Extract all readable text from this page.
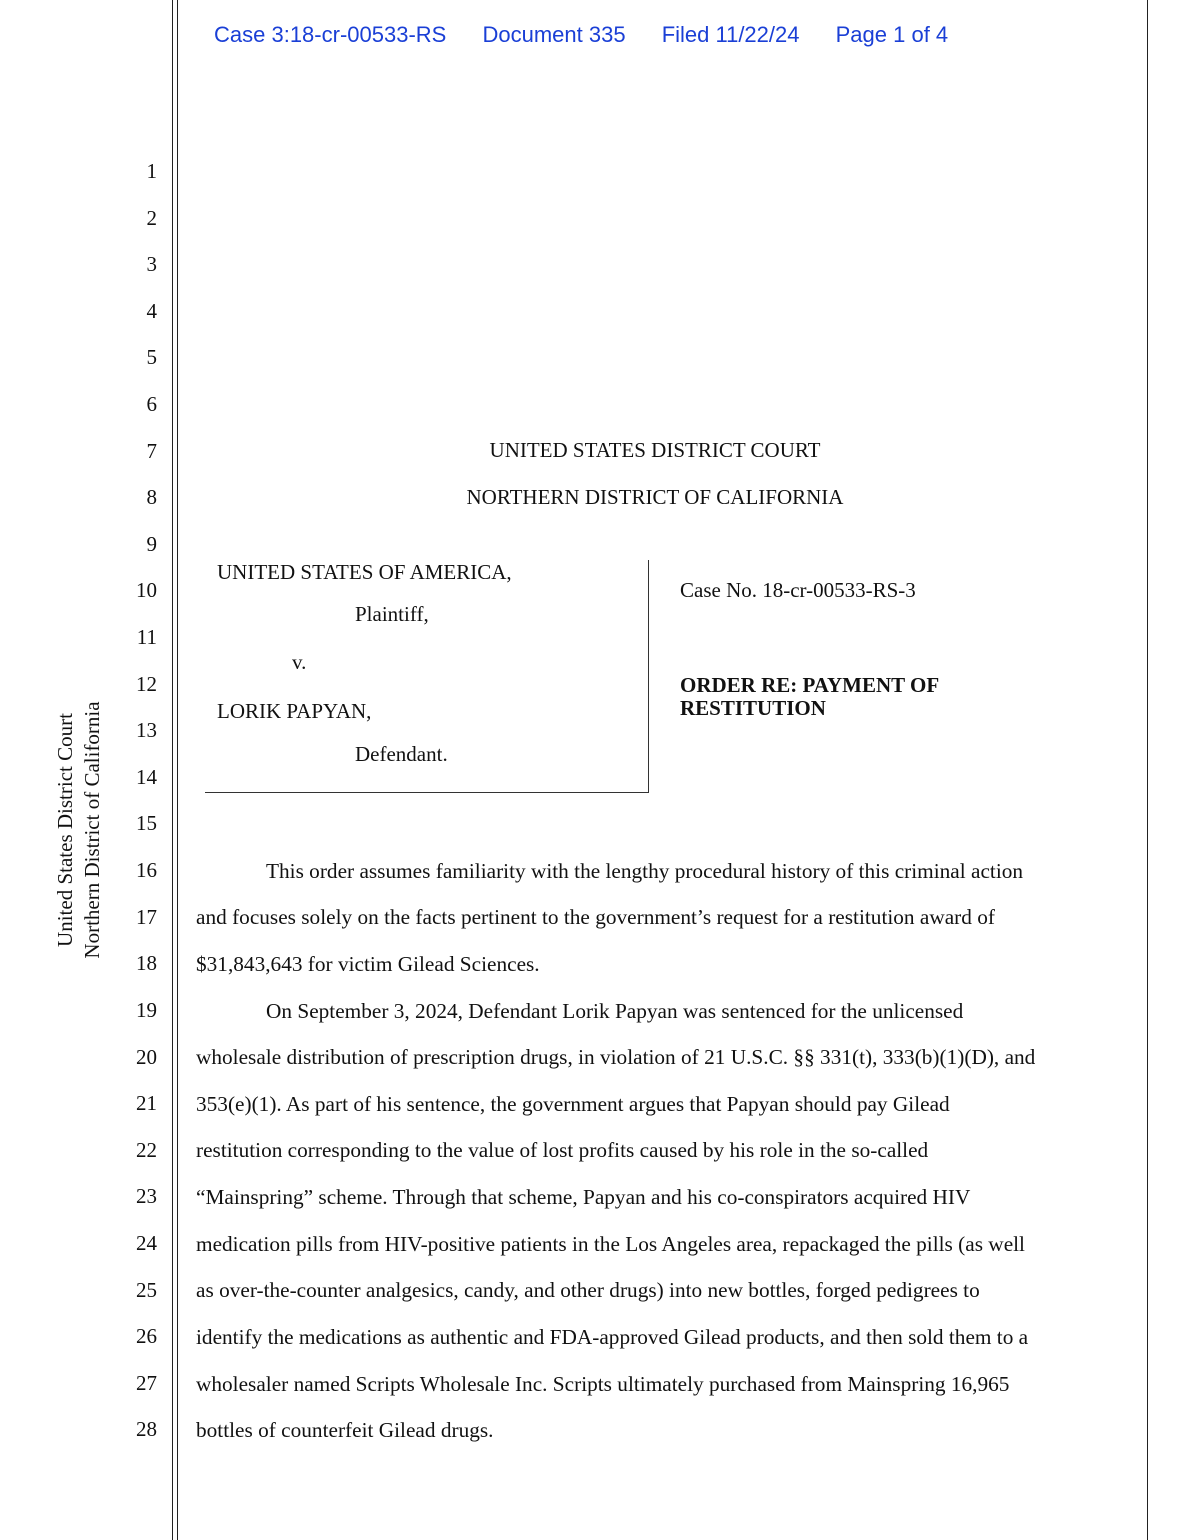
Case 3:18-cr-00533-RS Document 335 Filed 11/22/24 Page 1 of 4
United States District Court Northern District of California
1
2
3
4
5
6
7
8
9
10
11
12
13
14
15
16
17
18
19
20
21
22
23
24
25
26
27
28
UNITED STATES DISTRICT COURT
NORTHERN DISTRICT OF CALIFORNIA
UNITED STATES OF AMERICA,
Plaintiff,
v.
LORIK PAPYAN,
Defendant.
Case No. 18-cr-00533-RS-3
ORDER RE: PAYMENT OF
RESTITUTION
This order assumes familiarity with the lengthy procedural history of this criminal action
and focuses solely on the facts pertinent to the government’s request for a restitution award of
$31,843,643 for victim Gilead Sciences.
On September 3, 2024, Defendant Lorik Papyan was sentenced for the unlicensed
wholesale distribution of prescription drugs, in violation of 21 U.S.C. §§ 331(t), 333(b)(1)(D), and
353(e)(1). As part of his sentence, the government argues that Papyan should pay Gilead
restitution corresponding to the value of lost profits caused by his role in the so-called
“Mainspring” scheme. Through that scheme, Papyan and his co-conspirators acquired HIV
medication pills from HIV-positive patients in the Los Angeles area, repackaged the pills (as well
as over-the-counter analgesics, candy, and other drugs) into new bottles, forged pedigrees to
identify the medications as authentic and FDA-approved Gilead products, and then sold them to a
wholesaler named Scripts Wholesale Inc. Scripts ultimately purchased from Mainspring 16,965
bottles of counterfeit Gilead drugs.
